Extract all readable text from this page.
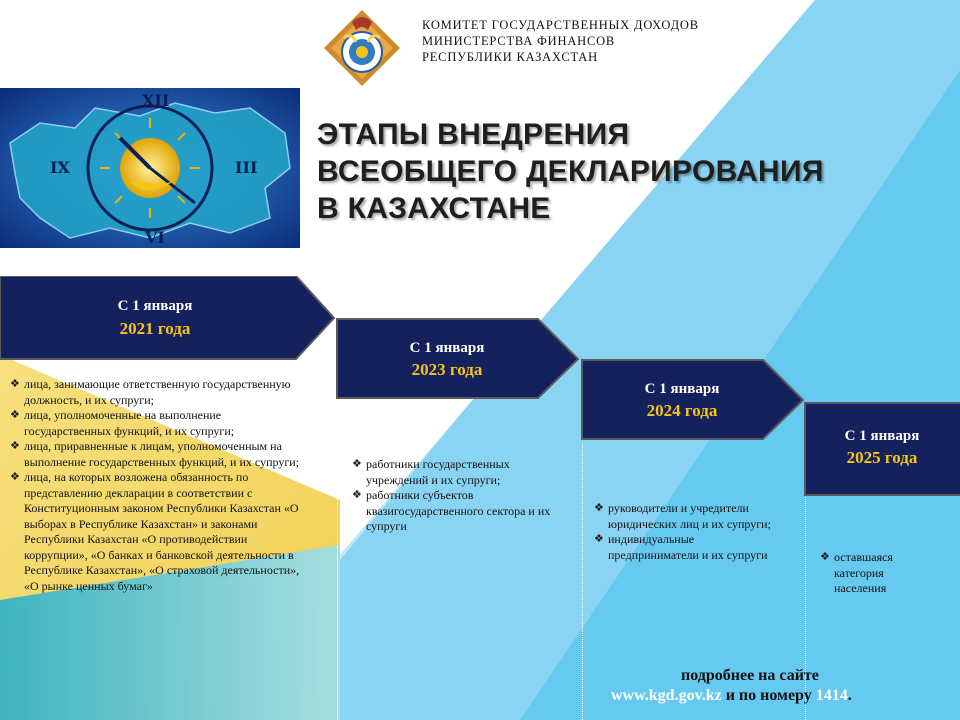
КОМИТЕТ ГОСУДАРСТВЕННЫХ ДОХОДОВ
МИНИСТЕРСТВА ФИНАНСОВ
РЕСПУБЛИКИ КАЗАХСТАН
XII
III
VI
IX
ЭТАПЫ ВНЕДРЕНИЯ
ВСЕОБЩЕГО ДЕКЛАРИРОВАНИЯ
В КАЗАХСТАНЕ
С 1 января
2021 года
С 1 января
2023 года
С 1 января
2024 года
С 1 января
2025 года
❖ лица, занимающие ответственную государственную должность, и их супруги;
❖ лица, уполномоченные на выполнение государственных функций, и их супруги;
❖ лица, приравненные к лицам, уполномоченным на выполнение государственных функций, и их супруги;
❖ лица, на которых возложена обязанность по представлению декларации в соответствии с Конституционным законом Республики Казахстан «О выборах в Республике Казахстан» и законами Республики Казахстан «О противодействии коррупции», «О банках и банковской деятельности в Республике Казахстан», «О страховой деятельности», «О рынке ценных бумаг»
❖ работники государственных учреждений и их супруги;
❖ работники субъектов квазигосударственного сектора и их супруги
❖ руководители и учредители юридических лиц и их супруги;
❖ индивидуальные предприниматели и их супруги	❖ оставшаяся категория населения
подробнее на сайте
www.kgd.gov.kz и по номеру 1414.
